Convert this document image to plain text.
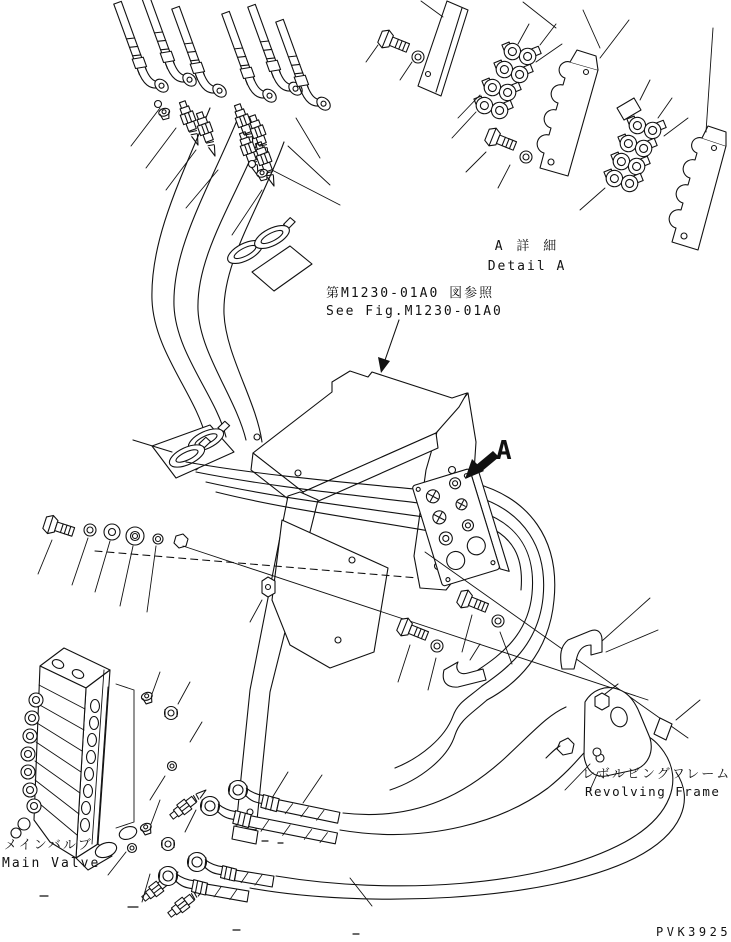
A
第M1230-01A0 図参照
See Fig.M1230-01A0
A 詳 細
Detail A
メインバルブ
Main Valve
レボルビングフレーム
Revolving Frame
PVK3925
